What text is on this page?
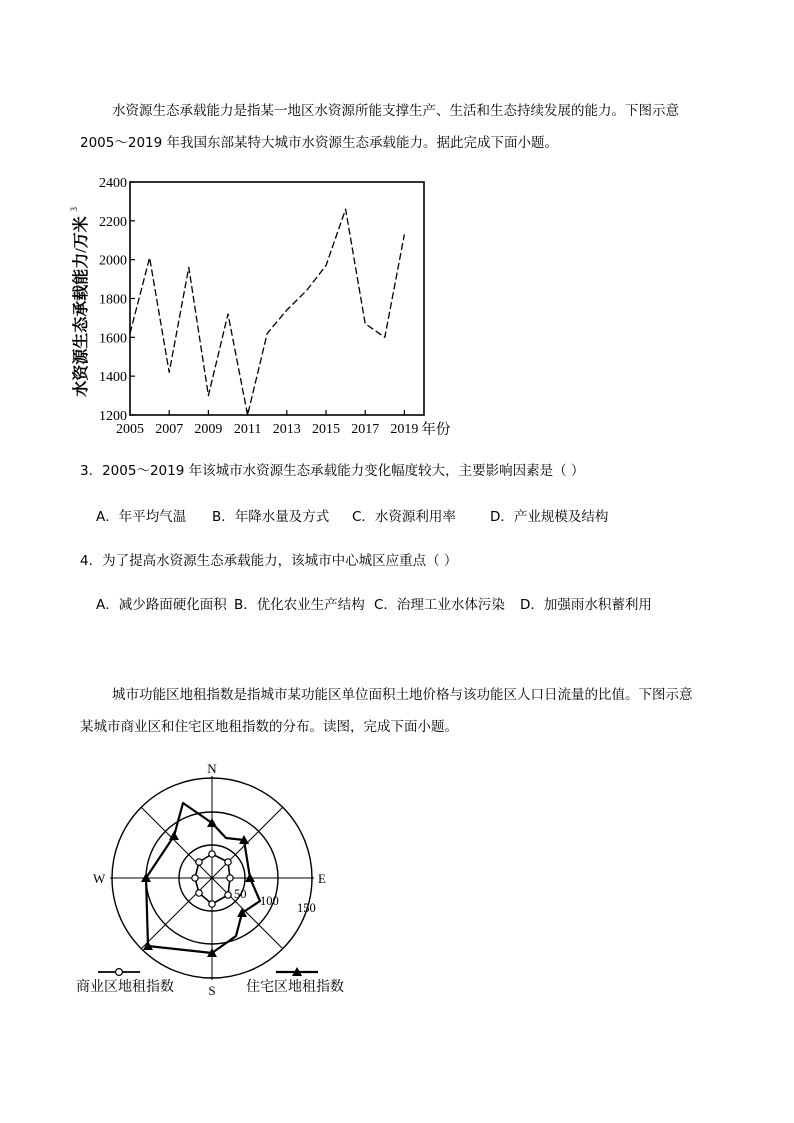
水资源生态承载能力是指某一地区水资源所能支撑生产、生活和生态持续发展的能力。下图示意
2005～2019 年我国东部某特大城市水资源生态承载能力。据此完成下面小题。
2400
2200
2000
1800
1600
1400
1200
2005 2007 2009 2011 2013 2015 2017 2019 年份
水资源生态承载能力/万米
3
3．2005～2019 年该城市水资源生态承载能力变化幅度较大，主要影响因素是（ ）
A．年平均气温 B．年降水量及方式 C．水资源利用率	D．产业规模及结构
4．为了提高水资源生态承载能力，该城市中心城区应重点（ ）
A．减少路面硬化面积 B．优化农业生产结构 C．治理工业水体污染 D．加强雨水积蓄利用
城市功能区地租指数是指城市某功能区单位面积土地价格与该功能区人口日流量的比值。下图示意
某城市商业区和住宅区地租指数的分布。读图，完成下面小题。
N
S
E
W
50 100 150
商业区地租指数	住宅区地租指数
